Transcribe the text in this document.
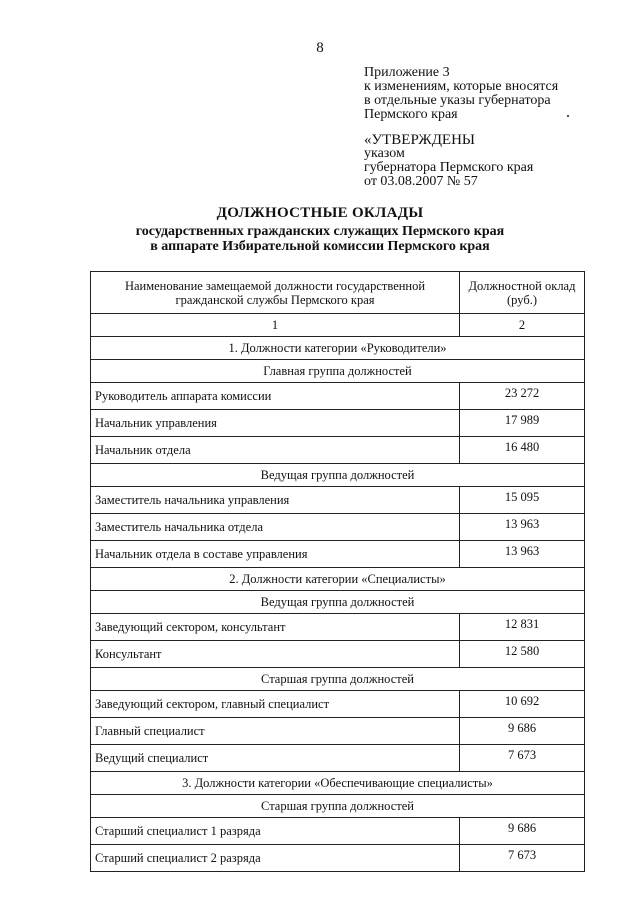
8
Приложение 3
к изменениям, которые вносятся
в отдельные указы губернатора
Пермского края
«УТВЕРЖДЕНЫ
указом
губернатора Пермского края
от 03.08.2007 № 57
ДОЛЖНОСТНЫЕ ОКЛАДЫ
государственных гражданских служащих Пермского края
в аппарате Избирательной комиссии Пермского края
Наименование замещаемой должности государственной гражданской службы Пермского края	Должностной оклад (руб.)
1	2
1. Должности категории «Руководители»	
Главная группа должностей	
Руководитель аппарата комиссии	23 272
Начальник управления	17 989
Начальник отдела	16 480
Ведущая группа должностей	
Заместитель начальника управления	15 095
Заместитель начальника отдела	13 963
Начальник отдела в составе управления	13 963
2. Должности категории «Специалисты»	
Ведущая группа должностей	
Заведующий сектором, консультант	12 831
Консультант	12 580
Старшая группа должностей	
Заведующий сектором, главный специалист	10 692
Главный специалист	9 686
Ведущий специалист	7 673
3. Должности категории «Обеспечивающие специалисты»	
Старшая группа должностей	
Старший специалист 1 разряда	9 686
Старший специалист 2 разряда	7 673
